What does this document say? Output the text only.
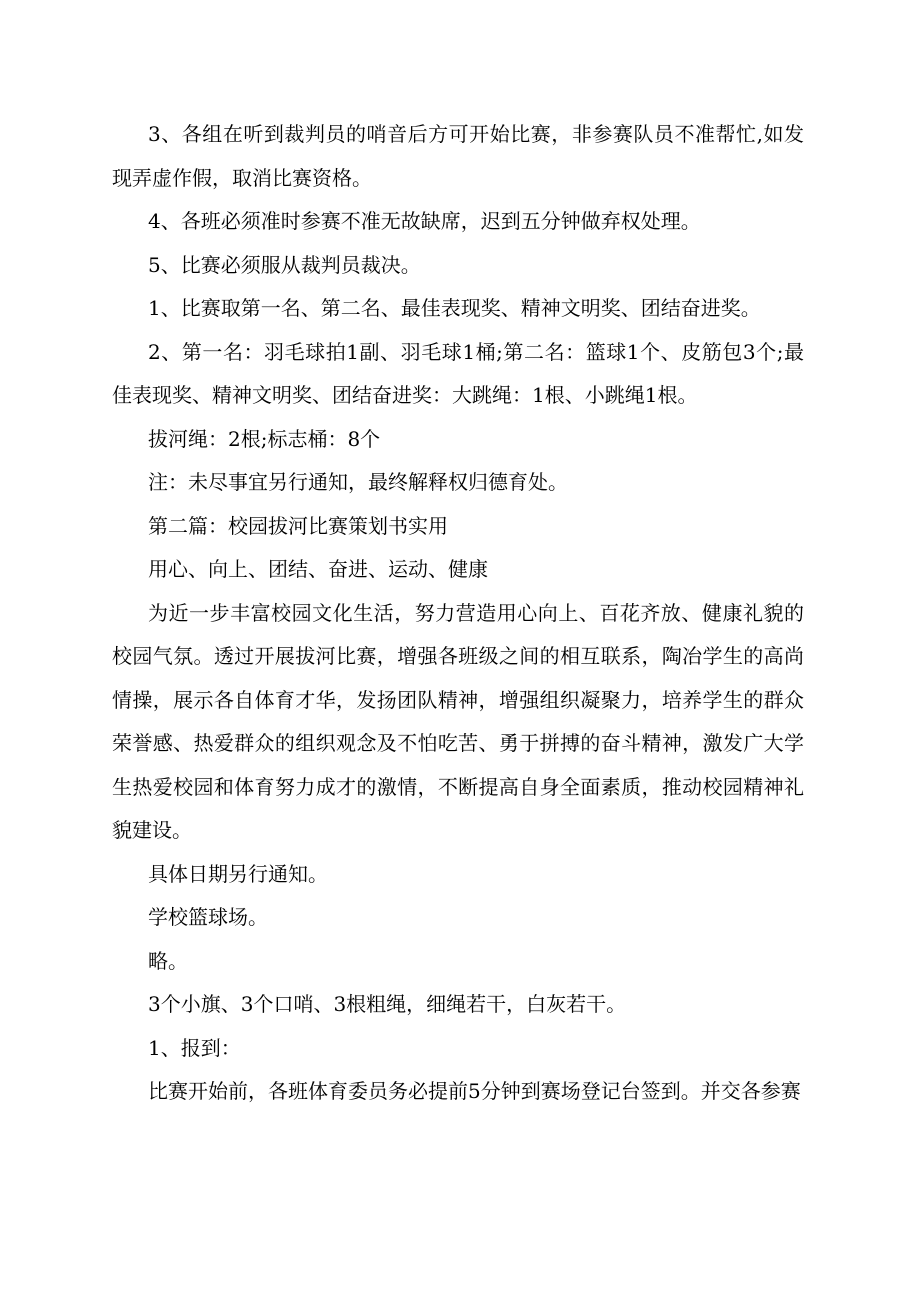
3、各组在听到裁判员的哨音后方可开始比赛，非参赛队员不准帮忙,如发现弄虚作假，取消比赛资格。

4、各班必须准时参赛不准无故缺席，迟到五分钟做弃权处理。

5、比赛必须服从裁判员裁决。

1、比赛取第一名、第二名、最佳表现奖、精神文明奖、团结奋进奖。

2、第一名：羽毛球拍1副、羽毛球1桶;第二名：篮球1个、皮筋包3个;最佳表现奖、精神文明奖、团结奋进奖：大跳绳：1根、小跳绳1根。

拔河绳：2根;标志桶：8个

注：未尽事宜另行通知，最终解释权归德育处。

第二篇：校园拔河比赛策划书实用

用心、向上、团结、奋进、运动、健康

为近一步丰富校园文化生活，努力营造用心向上、百花齐放、健康礼貌的校园气氛。透过开展拔河比赛，增强各班级之间的相互联系，陶冶学生的高尚情操，展示各自体育才华，发扬团队精神，增强组织凝聚力，培养学生的群众荣誉感、热爱群众的组织观念及不怕吃苦、勇于拼搏的奋斗精神，激发广大学生热爱校园和体育努力成才的激情，不断提高自身全面素质，推动校园精神礼貌建设。

具体日期另行通知。

学校篮球场。

略。

3个小旗、3个口哨、3根粗绳，细绳若干，白灰若干。

1、报到：

比赛开始前，各班体育委员务必提前5分钟到赛场登记台签到。并交各参赛
